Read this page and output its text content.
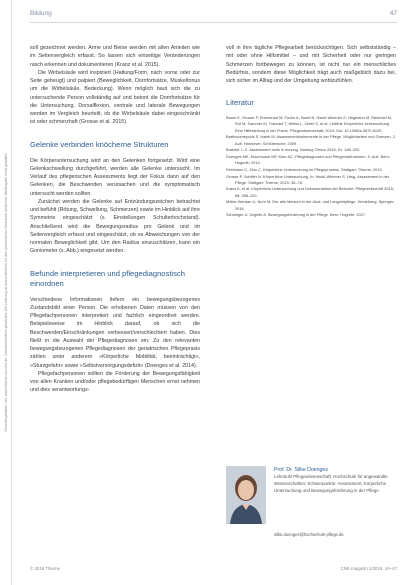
Heruntergeladen von: www.thieme-connect.de. Urheberrechtlich geschützt. Die Nutzung ist ausschließlich für den persönlichen Gebrauch bestimmt. Weitergabe nicht gestattet.
Bildung	47

soll gezeichnet werden. Arme und Beine werden mit allen Anteilen wie im Seitenvergleich erfasst. So lassen sich einseitige Veränderungen rasch erkennen und dokumentieren (Kranz et al. 2015).

Die Wirbelsäule wird inspiziert (Haltung/Form, nach vorne oder zur Seite gebeugt) und palpiert (Beweglichkeit, Dornfortsätze, Muskeltonus um die Wirbelsäule, Bedeckung). Wenn möglich baut sich die zu untersuchende Person vollständig auf und betont die Dornfortsätze für die Untersuchung. Dorsalflexion, ventrale und laterale Bewegungen werden im Vergleich beurteilt, ob die Wirbelsäule dabei eingeschränkt ist oder schmerzhaft (Grosse et al. 2015).

Gelenke verbinden knöcherne Strukturen

Die Körperuntersuchung wird an den Gelenken fortgesetzt. Wird eine Gelenkschwellung durchgeführt, werden alle Gelenke untersucht. Im Verlauf des pflegerischen Assessments liegt der Fokus dann auf den Gelenken, die Beschwerden verursachen und die symptomatisch untersucht werden sollten.

Zunächst werden die Gelenke auf Entzündungszeichen betrachtet und befühlt (Rötung, Schwellung, Schmerzen) sowie im Hinblick auf ihre Symmetrie eingeschätzt (s. Einstellungen Schulterhochstand). Anschließend wird die Bewegungsradius pro Gelenk und im Seitenvergleich erfasst und eingeschätzt, ob es Abweichungen von der normalen Beweglichkeit gibt. Um den Radius einzuschätzen, kann ein Goniometer (s. Abb.) eingesetzt werden.

Befunde interpretieren und pflegediagnostisch einordnen

Verschiedene Informationen liefern ein bewegungsbezogenes Zustandsbild einer Person. Die erhobenen Daten müssen von den Pflegefachpersonen interpretiert und fachlich eingeordnet werden. Beispielsweise im Hinblick darauf, ob sich die Beschwerden/Einschränkungen verbessert/verschlechtert haben. Dies fließt in die Auswahl der Pflegediagnosen ein. Zu den relevanten bewegungsbezogenen Pflegediagnosen der geriatrischen Pflegepraxis zählen unter anderem »Körperliche Mobilität, beeinträchtigt«, »Sturzgefahr« sowie »Selbstversorgungsdefizit« (Doenges et al. 2014).

Pflegefachpersonen sollten die Förderung der Bewegungsfähigkeit von allen Kranken und/oder pflegebedürftigen Menschen ernst nehmen und dies verantwortungs-

voll in ihre tägliche Pflegearbeit berücksichtigen. Sich selbstständig – mit oder ohne Hilfsmittel – und mit Sicherheit oder nur geringen Schmerzen fortbewegen zu können, ist nicht nur ein menschliches Bedürfnis, sondern diese Möglichkeit trägt auch maßgeblich dazu bei, sich sicher im Alltag und der Umgebung wohlzufühlen.

Literatur
Baum E, Grosse P, Ehrentraut M, Fuchs A, Hackl N, Hackl-Wimmer S, Hagmann M, Reinhold M, Ruf M, Sammer M, Trachsel T, Weiss L, Zeller S, et al. Leitlinie Körperliche Untersuchung: Eine Hilfestellung in der Praxis. Pflegewissenschaft; 2019. Doi: 10.1055/a-0870-6125
Bartholomeyczik S, Halek M. Assessmentinstrumente in der Pflege. Möglichkeiten und Grenzen. 2. Aufl. Hannover: Schlütersche; 2009.
Bratzke, L.C. Assessment tools in nursing. Nursing Clinics 2016; 51: 189–202.
Doenges ME, Moorhouse MF, Murr AC. Pflegediagnosen und Pflegemaßnahmen. 5. Aufl. Bern: Hogrefe; 2014.
Feldmann C, Zinn C. Körperliche Untersuchung im Pflegeprozess. Stuttgart: Thieme; 2019.
Grosse P, Schiffer N. Körperliche Untersuchung. In: Hackl-Wimmer S, Hrsg. Assessment in der Pflege. Stuttgart: Thieme; 2015: 45–78.
Kranz A, et al. Körperliche Untersuchung und Dokumentation der Befunde. Pflegezeitschrift 2015; 68: 288–292.
Müller-Werdan U, Nuhr M. Der alte Mensch in der Akut- und Langzeitpflege. Heidelberg: Springer; 2016.
Schöniger U, Zegelin A. Bewegungsförderung in der Pflege. Bern: Hogrefe; 2017.
Prof. Dr. Silke Doenges
Lehrstuhl Pflegewissenschaft, Hochschule für angewandte Wissenschaften; Schwerpunkte: Assessment, Körperliche Untersuchung und Bewegungsförderung in der Pflege
silke.doenges@hochschule-pflege.de
© 2019 Thieme	CNE.magazin 1/2019, 44–47
